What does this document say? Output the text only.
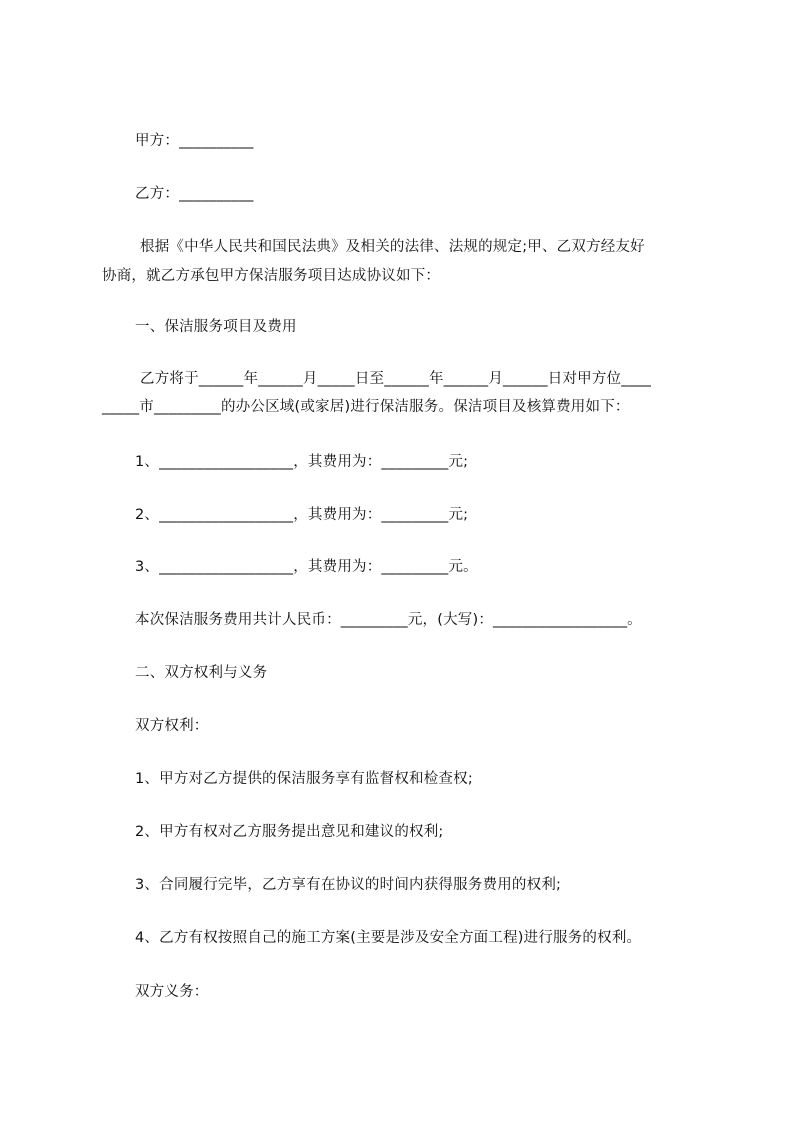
甲方：__________
乙方：__________
根据《中华人民共和国民法典》及相关的法律、法规的规定;甲、乙双方经友好
协商，就乙方承包甲方保洁服务项目达成协议如下：
一、保洁服务项目及费用
乙方将于______年______月_____日至______年______月______日对甲方位____
_____市_________的办公区域(或家居)进行保洁服务。保洁项目及核算费用如下：
1、__________________，其费用为：_________元;
2、__________________，其费用为：_________元;
3、__________________，其费用为：_________元。
本次保洁服务费用共计人民币：_________元，(大写)：__________________。
二、双方权利与义务
双方权利：
1、甲方对乙方提供的保洁服务享有监督权和检查权;
2、甲方有权对乙方服务提出意见和建议的权利;
3、合同履行完毕，乙方享有在协议的时间内获得服务费用的权利;
4、乙方有权按照自己的施工方案(主要是涉及安全方面工程)进行服务的权利。
双方义务：
